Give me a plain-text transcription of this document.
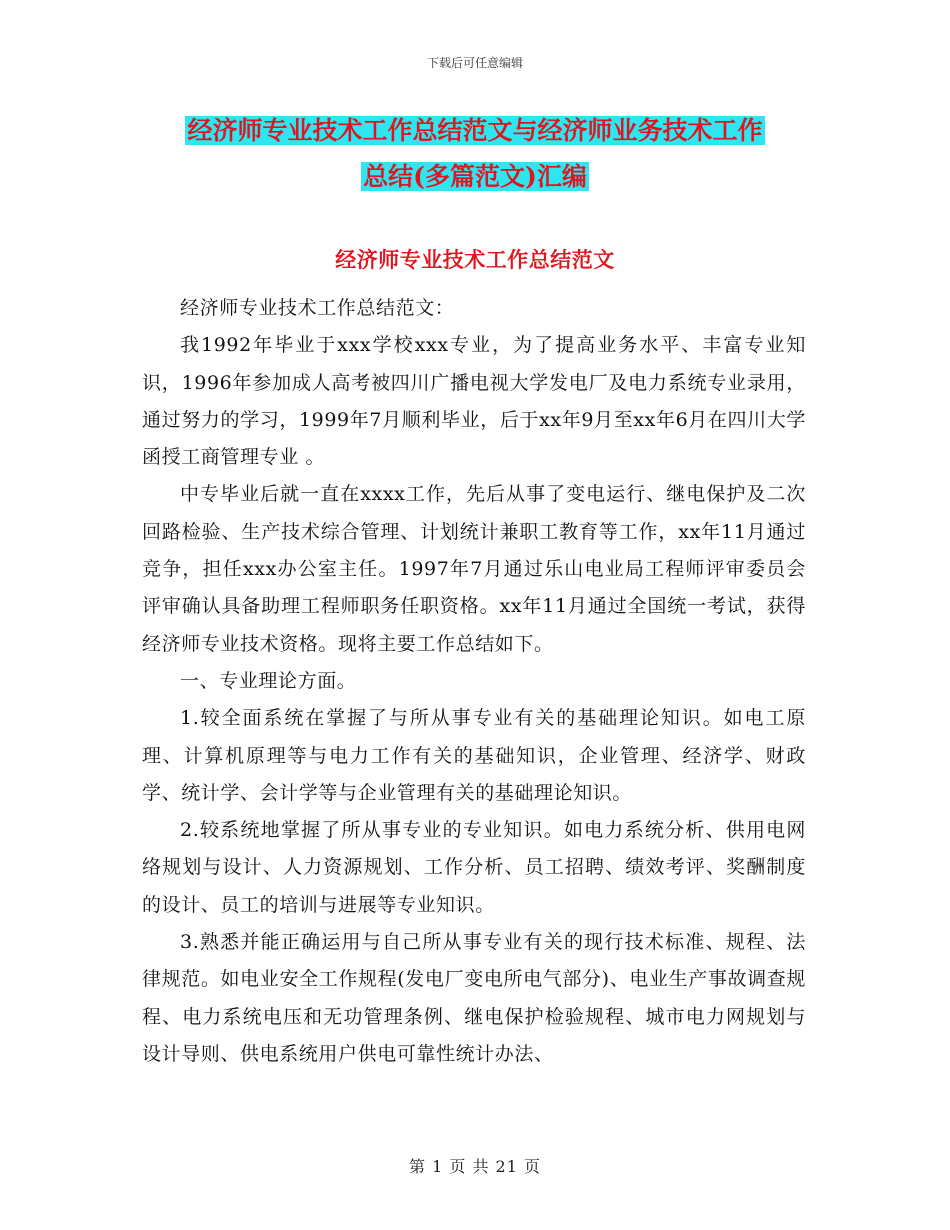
下载后可任意编辑
经济师专业技术工作总结范文与经济师业务技术工作
总结(多篇范文)汇编
经济师专业技术工作总结范文

经济师专业技术工作总结范文：

我1992年毕业于xxx学校xxx专业，为了提高业务水平、丰富专业知识，1996年参加成人高考被四川广播电视大学发电厂及电力系统专业录用，通过努力的学习，1999年7月顺利毕业，后于xx年9月至xx年6月在四川大学函授工商管理专业 。

中专毕业后就一直在xxxx工作，先后从事了变电运行、继电保护及二次回路检验、生产技术综合管理、计划统计兼职工教育等工作，xx年11月通过竞争，担任xxx办公室主任。1997年7月通过乐山电业局工程师评审委员会评审确认具备助理工程师职务任职资格。xx年11月通过全国统一考试，获得经济师专业技术资格。现将主要工作总结如下。

一、专业理论方面。

1.较全面系统在掌握了与所从事专业有关的基础理论知识。如电工原理、计算机原理等与电力工作有关的基础知识，企业管理、经济学、财政学、统计学、会计学等与企业管理有关的基础理论知识。

2.较系统地掌握了所从事专业的专业知识。如电力系统分析、供用电网络规划与设计、人力资源规划、工作分析、员工招聘、绩效考评、奖酬制度的设计、员工的培训与进展等专业知识。

3.熟悉并能正确运用与自己所从事专业有关的现行技术标准、规程、法律规范。如电业安全工作规程(发电厂变电所电气部分)、电业生产事故调查规程、电力系统电压和无功管理条例、继电保护检验规程、城市电力网规划与设计导则、供电系统用户供电可靠性统计办法、

第 1 页 共 21 页
